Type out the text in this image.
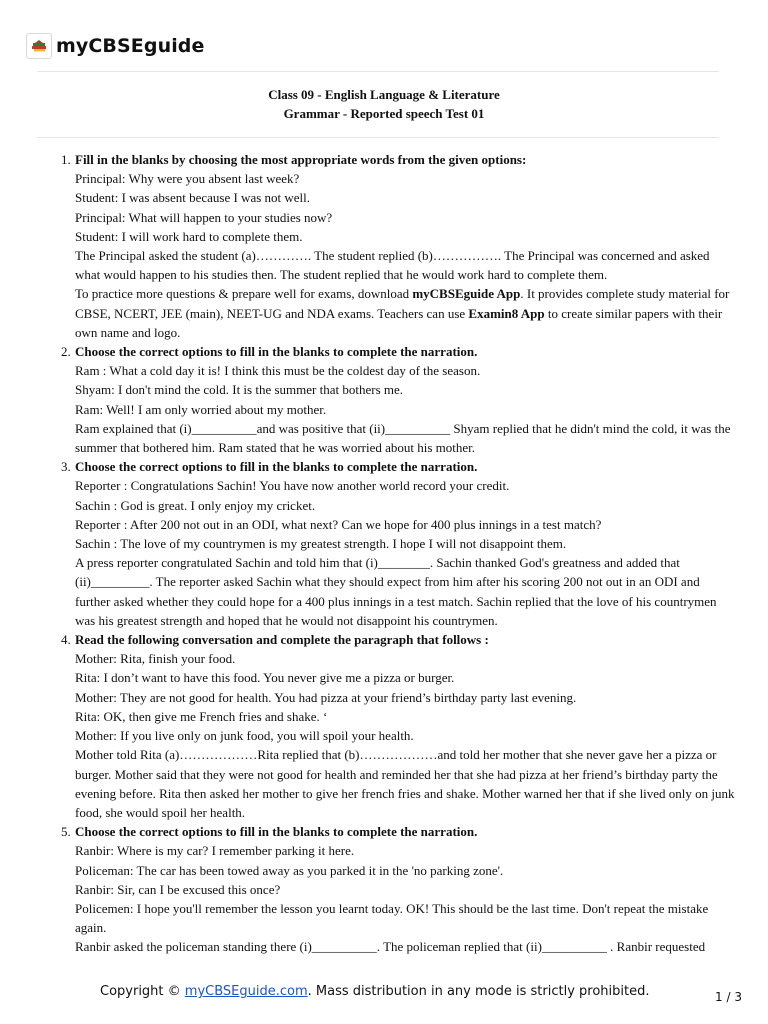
myCBSEguide
Class 09 - English Language & Literature
Grammar - Reported speech Test 01
1. Fill in the blanks by choosing the most appropriate words from the given options:
Principal: Why were you absent last week?
Student: I was absent because I was not well.
Principal: What will happen to your studies now?
Student: I will work hard to complete them.
The Principal asked the student (a)…………. The student replied (b)……………. The Principal was concerned and asked what would happen to his studies then. The student replied that he would work hard to complete them.
To practice more questions & prepare well for exams, download myCBSEguide App. It provides complete study material for CBSE, NCERT, JEE (main), NEET-UG and NDA exams. Teachers can use Examin8 App to create similar papers with their own name and logo.
2. Choose the correct options to fill in the blanks to complete the narration.
Ram : What a cold day it is! I think this must be the coldest day of the season.
Shyam: I don't mind the cold. It is the summer that bothers me.
Ram: Well! I am only worried about my mother.
Ram explained that (i)__________and was positive that (ii)__________ Shyam replied that he didn't mind the cold, it was the summer that bothered him. Ram stated that he was worried about his mother.
3. Choose the correct options to fill in the blanks to complete the narration.
Reporter : Congratulations Sachin! You have now another world record your credit.
Sachin : God is great. I only enjoy my cricket.
Reporter : After 200 not out in an ODI, what next? Can we hope for 400 plus innings in a test match?
Sachin : The love of my countrymen is my greatest strength. I hope I will not disappoint them.
A press reporter congratulated Sachin and told him that (i)________. Sachin thanked God's greatness and added that (ii)_________. The reporter asked Sachin what they should expect from him after his scoring 200 not out in an ODI and further asked whether they could hope for a 400 plus innings in a test match. Sachin replied that the love of his countrymen was his greatest strength and hoped that he would not disappoint his countrymen.
4. Read the following conversation and complete the paragraph that follows :
Mother: Rita, finish your food.
Rita: I don’t want to have this food. You never give me a pizza or burger.
Mother: They are not good for health. You had pizza at your friend’s birthday party last evening.
Rita: OK, then give me French fries and shake. ‘
Mother: If you live only on junk food, you will spoil your health.
Mother told Rita (a)………………Rita replied that (b)………………and told her mother that she never gave her a pizza or burger. Mother said that they were not good for health and reminded her that she had pizza at her friend’s birthday party the evening before. Rita then asked her mother to give her french fries and shake. Mother warned her that if she lived only on junk food, she would spoil her health.
5. Choose the correct options to fill in the blanks to complete the narration.
Ranbir: Where is my car? I remember parking it here.
Policeman: The car has been towed away as you parked it in the 'no parking zone'.
Ranbir: Sir, can I be excused this once?
Policemen: I hope you'll remember the lesson you learnt today. OK! This should be the last time. Don't repeat the mistake again.
Ranbir asked the policeman standing there (i)__________. The policeman replied that (ii)__________ . Ranbir requested
Copyright © myCBSEguide.com. Mass distribution in any mode is strictly prohibited.	1 / 3
